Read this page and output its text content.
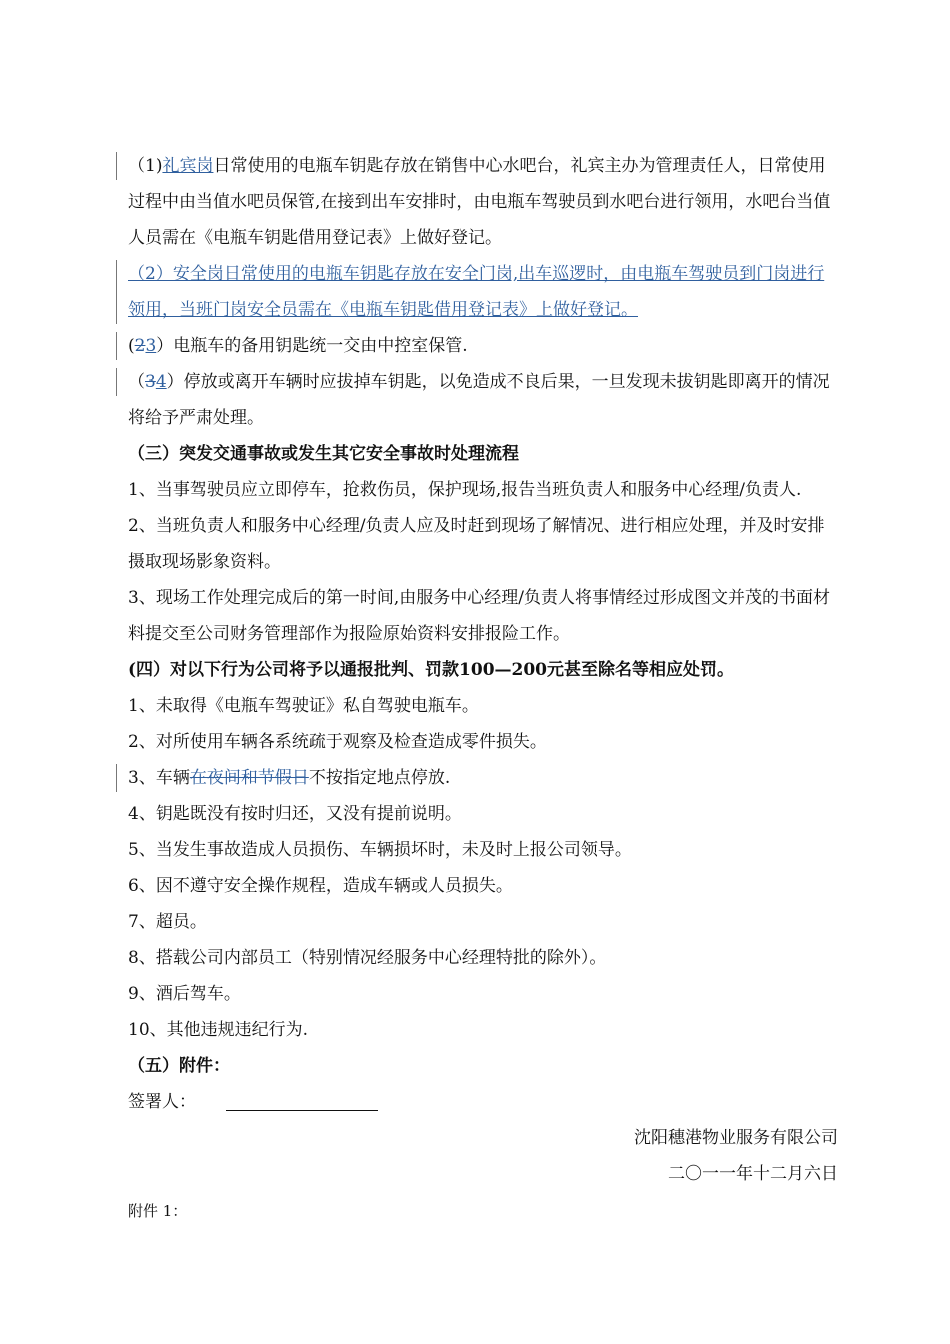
（1)礼宾岗日常使用的电瓶车钥匙存放在销售中心水吧台，礼宾主办为管理责任人，日常使用过程中由当值水吧员保管,在接到出车安排时，由电瓶车驾驶员到水吧台进行领用，水吧台当值人员需在《电瓶车钥匙借用登记表》上做好登记。

（2）安全岗日常使用的电瓶车钥匙存放在安全门岗,出车巡逻时，由电瓶车驾驶员到门岗进行领用，当班门岗安全员需在《电瓶车钥匙借用登记表》上做好登记。

(23）电瓶车的备用钥匙统一交由中控室保管.

（34）停放或离开车辆时应拔掉车钥匙，以免造成不良后果，一旦发现未拔钥匙即离开的情况将给予严肃处理。

（三）突发交通事故或发生其它安全事故时处理流程

1、当事驾驶员应立即停车，抢救伤员，保护现场,报告当班负责人和服务中心经理/负责人.

2、当班负责人和服务中心经理/负责人应及时赶到现场了解情况、进行相应处理，并及时安排摄取现场影象资料。

3、现场工作处理完成后的第一时间,由服务中心经理/负责人将事情经过形成图文并茂的书面材料提交至公司财务管理部作为报险原始资料安排报险工作。

(四）对以下行为公司将予以通报批判、罚款100—200元甚至除名等相应处罚。

1、未取得《电瓶车驾驶证》私自驾驶电瓶车。

2、对所使用车辆各系统疏于观察及检查造成零件损失。

3、车辆在夜间和节假日不按指定地点停放.

4、钥匙既没有按时归还，又没有提前说明。

5、当发生事故造成人员损伤、车辆损坏时，未及时上报公司领导。

6、因不遵守安全操作规程，造成车辆或人员损失。

7、超员。

8、搭载公司内部员工（特别情况经服务中心经理特批的除外）。

9、酒后驾车。

10、其他违规违纪行为.

（五）附件：

签署人：

沈阳穗港物业服务有限公司

二〇一一年十二月六日

附件 1：
